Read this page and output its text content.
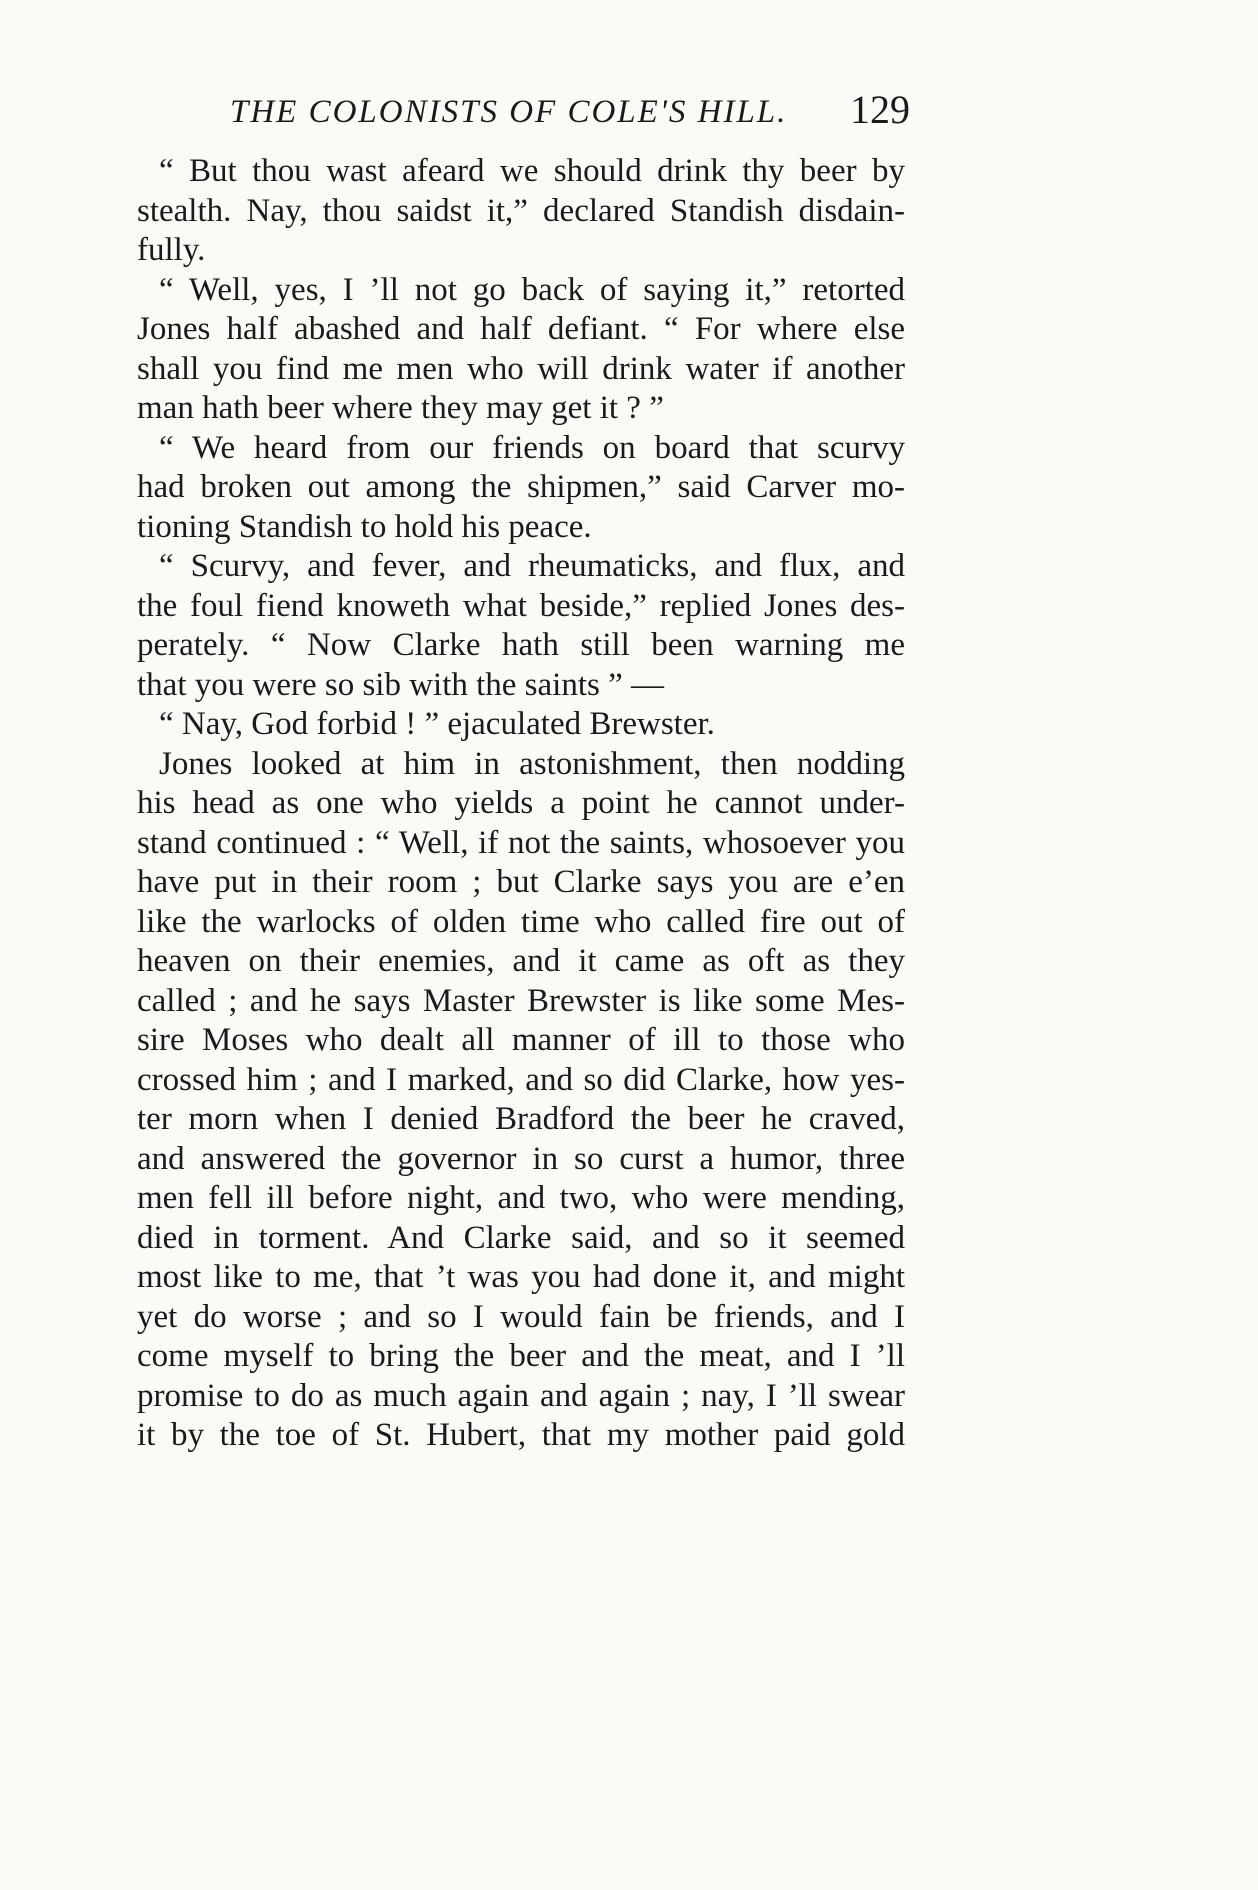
THE COLONISTS OF COLE'S HILL. 129
“ But thou wast afeard we should drink thy beer by
stealth. Nay, thou saidst it,” declared Standish disdain-
fully.
“ Well, yes, I ’ll not go back of saying it,” retorted
Jones half abashed and half defiant. “ For where else
shall you find me men who will drink water if another
man hath beer where they may get it ? ”
“ We heard from our friends on board that scurvy
had broken out among the shipmen,” said Carver mo-
tioning Standish to hold his peace.
“ Scurvy, and fever, and rheumaticks, and flux, and
the foul fiend knoweth what beside,” replied Jones des-
perately. “ Now Clarke hath still been warning me
that you were so sib with the saints ” —
“ Nay, God forbid ! ” ejaculated Brewster.
Jones looked at him in astonishment, then nodding
his head as one who yields a point he cannot under-
stand continued : “ Well, if not the saints, whosoever you
have put in their room ; but Clarke says you are e’en
like the warlocks of olden time who called fire out of
heaven on their enemies, and it came as oft as they
called ; and he says Master Brewster is like some Mes-
sire Moses who dealt all manner of ill to those who
crossed him ; and I marked, and so did Clarke, how yes-
ter morn when I denied Bradford the beer he craved,
and answered the governor in so curst a humor, three
men fell ill before night, and two, who were mending,
died in torment. And Clarke said, and so it seemed
most like to me, that ’t was you had done it, and might
yet do worse ; and so I would fain be friends, and I
come myself to bring the beer and the meat, and I ’ll
promise to do as much again and again ; nay, I ’ll swear
it by the toe of St. Hubert, that my mother paid gold
